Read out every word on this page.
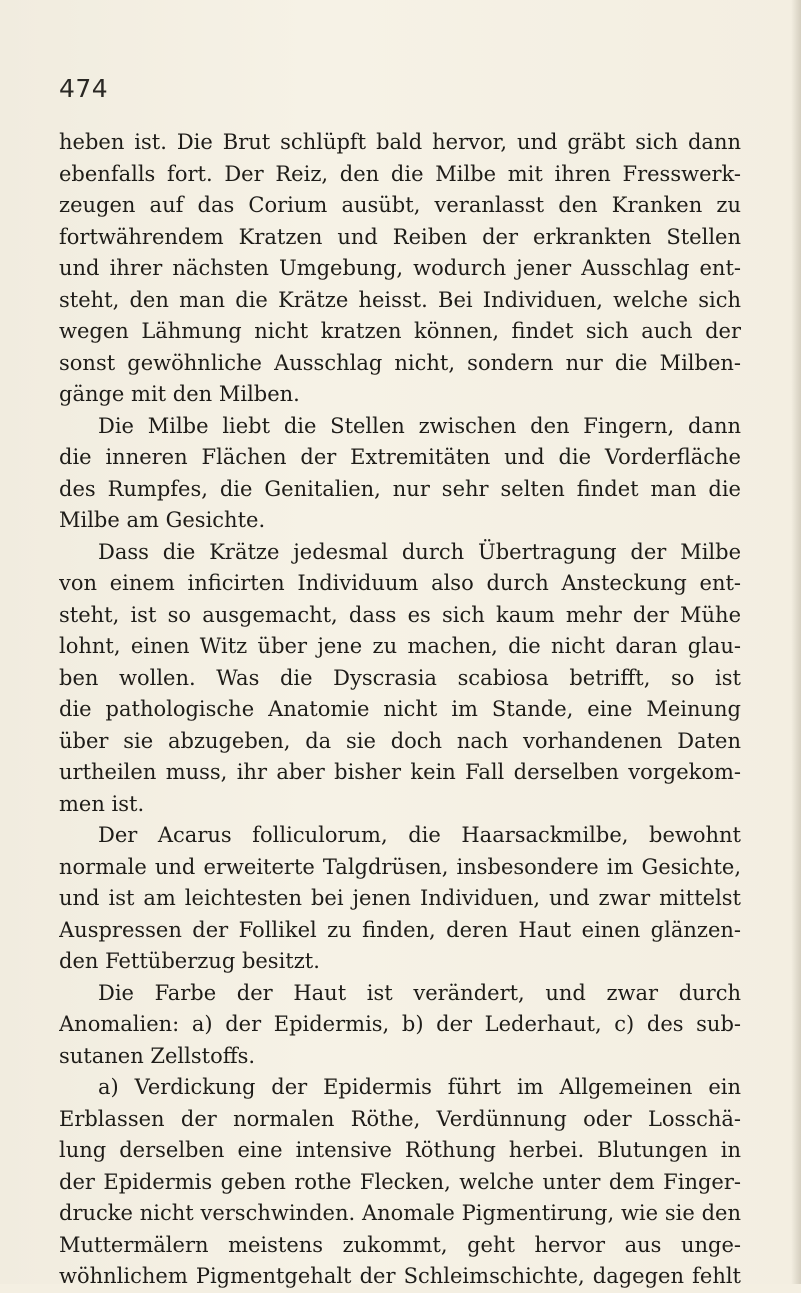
474
heben ist. Die Brut schlüpft bald hervor, und gräbt sich dann
ebenfalls fort. Der Reiz, den die Milbe mit ihren Fresswerk-
zeugen auf das Corium ausübt, veranlasst den Kranken zu
fortwährendem Kratzen und Reiben der erkrankten Stellen
und ihrer nächsten Umgebung, wodurch jener Ausschlag ent-
steht, den man die Krätze heisst. Bei Individuen, welche sich
wegen Lähmung nicht kratzen können, findet sich auch der
sonst gewöhnliche Ausschlag nicht, sondern nur die Milben-
gänge mit den Milben.
Die Milbe liebt die Stellen zwischen den Fingern, dann
die inneren Flächen der Extremitäten und die Vorderfläche
des Rumpfes, die Genitalien, nur sehr selten findet man die
Milbe am Gesichte.
Dass die Krätze jedesmal durch Übertragung der Milbe
von einem inficirten Individuum also durch Ansteckung ent-
steht, ist so ausgemacht, dass es sich kaum mehr der Mühe
lohnt, einen Witz über jene zu machen, die nicht daran glau-
ben wollen. Was die Dyscrasia scabiosa betrifft, so ist
die pathologische Anatomie nicht im Stande, eine Meinung
über sie abzugeben, da sie doch nach vorhandenen Daten
urtheilen muss, ihr aber bisher kein Fall derselben vorgekom-
men ist.
Der Acarus folliculorum, die Haarsackmilbe, bewohnt
normale und erweiterte Talgdrüsen, insbesondere im Gesichte,
und ist am leichtesten bei jenen Individuen, und zwar mittelst
Auspressen der Follikel zu finden, deren Haut einen glänzen-
den Fettüberzug besitzt.
Die Farbe der Haut ist verändert, und zwar durch
Anomalien: a) der Epidermis, b) der Lederhaut, c) des sub-
sutanen Zellstoffs.
a) Verdickung der Epidermis führt im Allgemeinen ein
Erblassen der normalen Röthe, Verdünnung oder Losschä-
lung derselben eine intensive Röthung herbei. Blutungen in
der Epidermis geben rothe Flecken, welche unter dem Finger-
drucke nicht verschwinden. Anomale Pigmentirung, wie sie den
Muttermälern meistens zukommt, geht hervor aus unge-
wöhnlichem Pigmentgehalt der Schleimschichte, dagegen fehlt
